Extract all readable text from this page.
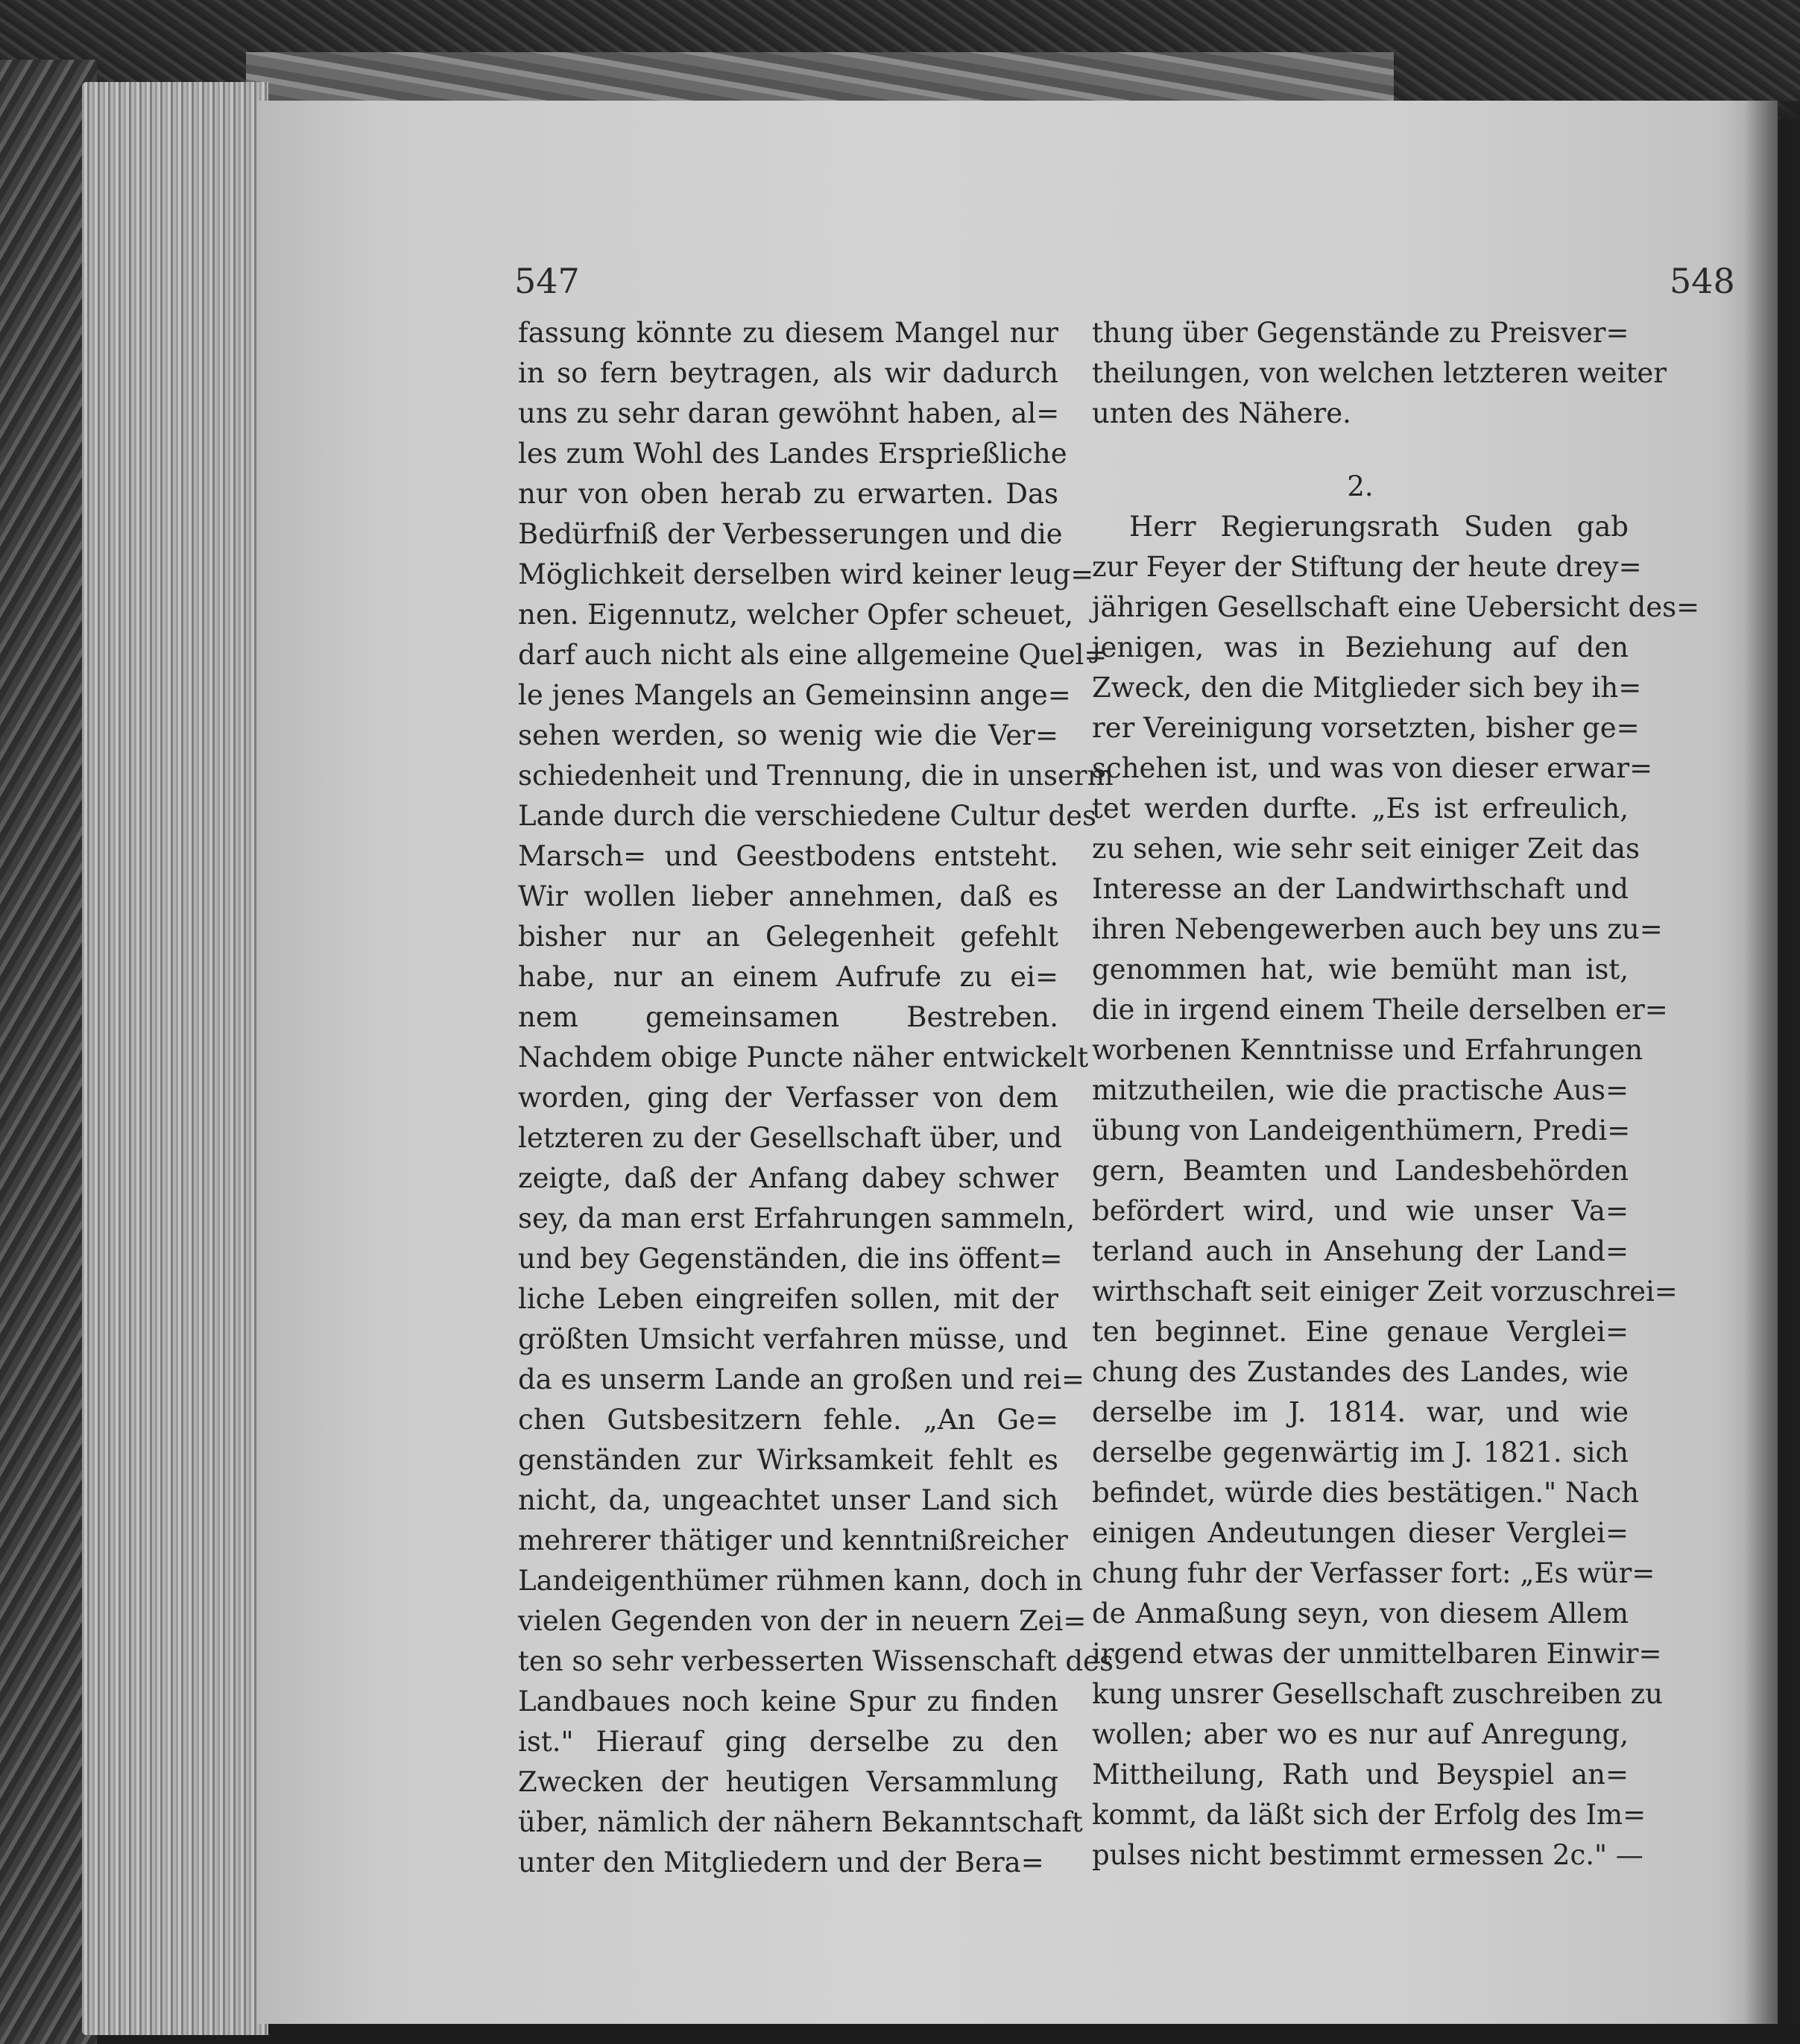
547	548
fassung könnte zu diesem Mangel nur
in so fern beytragen, als wir dadurch
uns zu sehr daran gewöhnt haben, al=
les zum Wohl des Landes Ersprießliche
nur von oben herab zu erwarten. Das
Bedürfniß der Verbesserungen und die
Möglichkeit derselben wird keiner leug=
nen. Eigennutz, welcher Opfer scheuet,
darf auch nicht als eine allgemeine Quel=
le jenes Mangels an Gemeinsinn ange=
sehen werden, so wenig wie die Ver=
schiedenheit und Trennung, die in unserm
Lande durch die verschiedene Cultur des
Marsch= und Geestbodens entsteht.
Wir wollen lieber annehmen, daß es
bisher nur an Gelegenheit gefehlt
habe, nur an einem Aufrufe zu ei=
nem gemeinsamen Bestreben.
Nachdem obige Puncte näher entwickelt
worden, ging der Verfasser von dem
letzteren zu der Gesellschaft über, und
zeigte, daß der Anfang dabey schwer
sey, da man erst Erfahrungen sammeln,
und bey Gegenständen, die ins öffent=
liche Leben eingreifen sollen, mit der
größten Umsicht verfahren müsse, und
da es unserm Lande an großen und rei=
chen Gutsbesitzern fehle. „An Ge=
genständen zur Wirksamkeit fehlt es
nicht, da, ungeachtet unser Land sich
mehrerer thätiger und kenntnißreicher
Landeigenthümer rühmen kann, doch in
vielen Gegenden von der in neuern Zei=
ten so sehr verbesserten Wissenschaft des
Landbaues noch keine Spur zu finden
ist." Hierauf ging derselbe zu den
Zwecken der heutigen Versammlung
über, nämlich der nähern Bekanntschaft
unter den Mitgliedern und der Bera=
thung über Gegenstände zu Preisver=
theilungen, von welchen letzteren weiter
unten des Nähere.
2.
Herr Regierungsrath Suden gab
zur Feyer der Stiftung der heute drey=
jährigen Gesellschaft eine Uebersicht des=
jenigen, was in Beziehung auf den
Zweck, den die Mitglieder sich bey ih=
rer Vereinigung vorsetzten, bisher ge=
schehen ist, und was von dieser erwar=
tet werden durfte. „Es ist erfreulich,
zu sehen, wie sehr seit einiger Zeit das
Interesse an der Landwirthschaft und
ihren Nebengewerben auch bey uns zu=
genommen hat, wie bemüht man ist,
die in irgend einem Theile derselben er=
worbenen Kenntnisse und Erfahrungen
mitzutheilen, wie die practische Aus=
übung von Landeigenthümern, Predi=
gern, Beamten und Landesbehörden
befördert wird, und wie unser Va=
terland auch in Ansehung der Land=
wirthschaft seit einiger Zeit vorzuschrei=
ten beginnet. Eine genaue Verglei=
chung des Zustandes des Landes, wie
derselbe im J. 1814. war, und wie
derselbe gegenwärtig im J. 1821. sich
befindet, würde dies bestätigen." Nach
einigen Andeutungen dieser Verglei=
chung fuhr der Verfasser fort: „Es wür=
de Anmaßung seyn, von diesem Allem
irgend etwas der unmittelbaren Einwir=
kung unsrer Gesellschaft zuschreiben zu
wollen; aber wo es nur auf Anregung,
Mittheilung, Rath und Beyspiel an=
kommt, da läßt sich der Erfolg des Im=
pulses nicht bestimmt ermessen 2c." —
